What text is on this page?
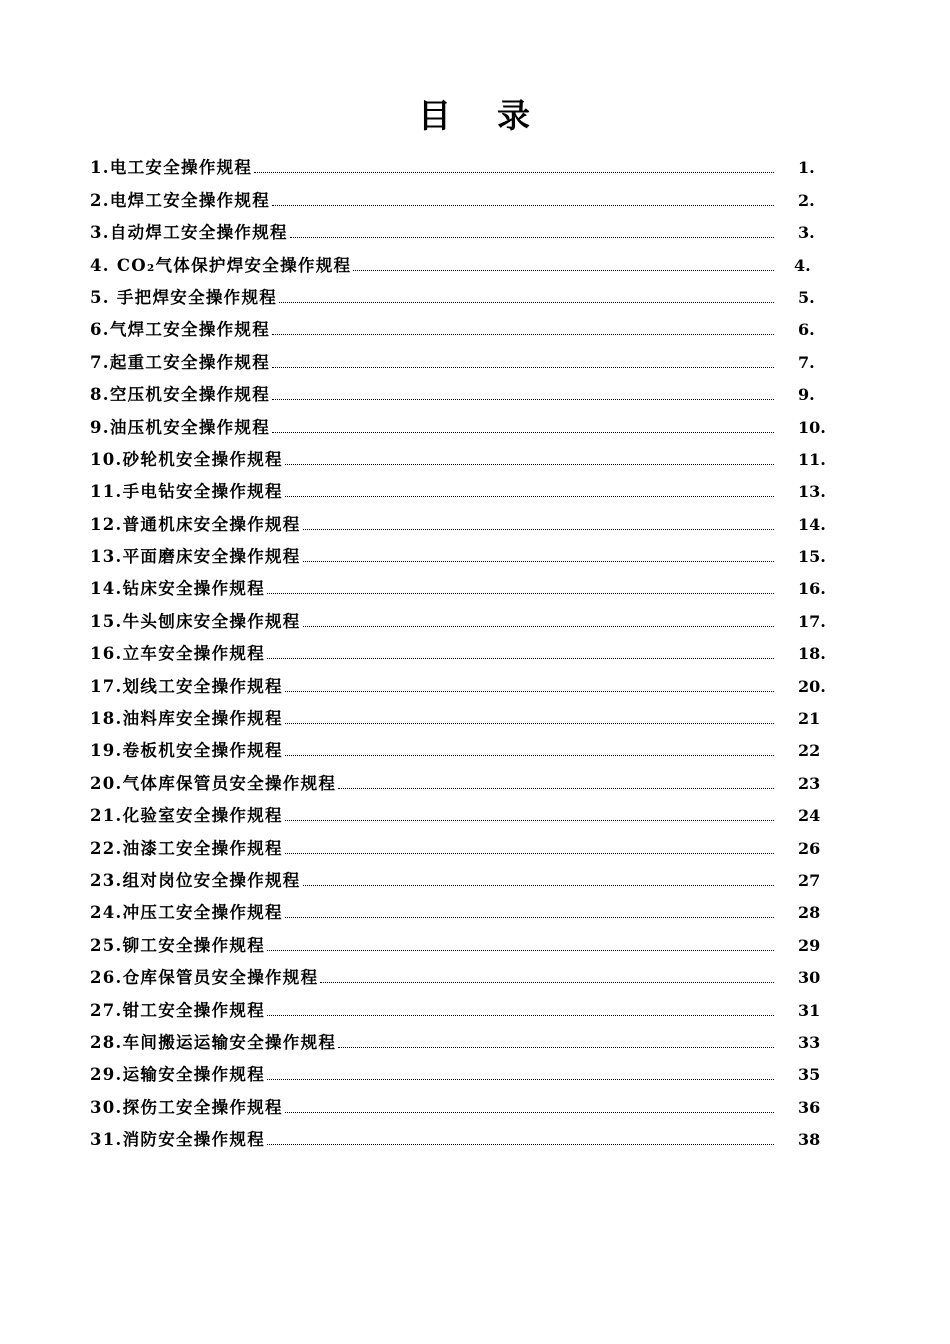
目 录
1.电工安全操作规程	1.
2.电焊工安全操作规程	2.
3.自动焊工安全操作规程	3.
4. CO₂气体保护焊安全操作规程	4.
5. 手把焊安全操作规程	5.
6.气焊工安全操作规程	6.
7.起重工安全操作规程	7.
8.空压机安全操作规程	9.
9.油压机安全操作规程	10.
10.砂轮机安全操作规程	11.
11.手电钻安全操作规程	13.
12.普通机床安全操作规程	14.
13.平面磨床安全操作规程	15.
14.钻床安全操作规程	16.
15.牛头刨床安全操作规程	17.
16.立车安全操作规程	18.
17.划线工安全操作规程	20.
18.油料库安全操作规程	21
19.卷板机安全操作规程	22
20.气体库保管员安全操作规程	23
21.化验室安全操作规程	24
22.油漆工安全操作规程	26
23.组对岗位安全操作规程	27
24.冲压工安全操作规程	28
25.铆工安全操作规程	29
26.仓库保管员安全操作规程	30
27.钳工安全操作规程	31
28.车间搬运运输安全操作规程	33
29.运输安全操作规程	35
30.探伤工安全操作规程	36
31.消防安全操作规程	38
